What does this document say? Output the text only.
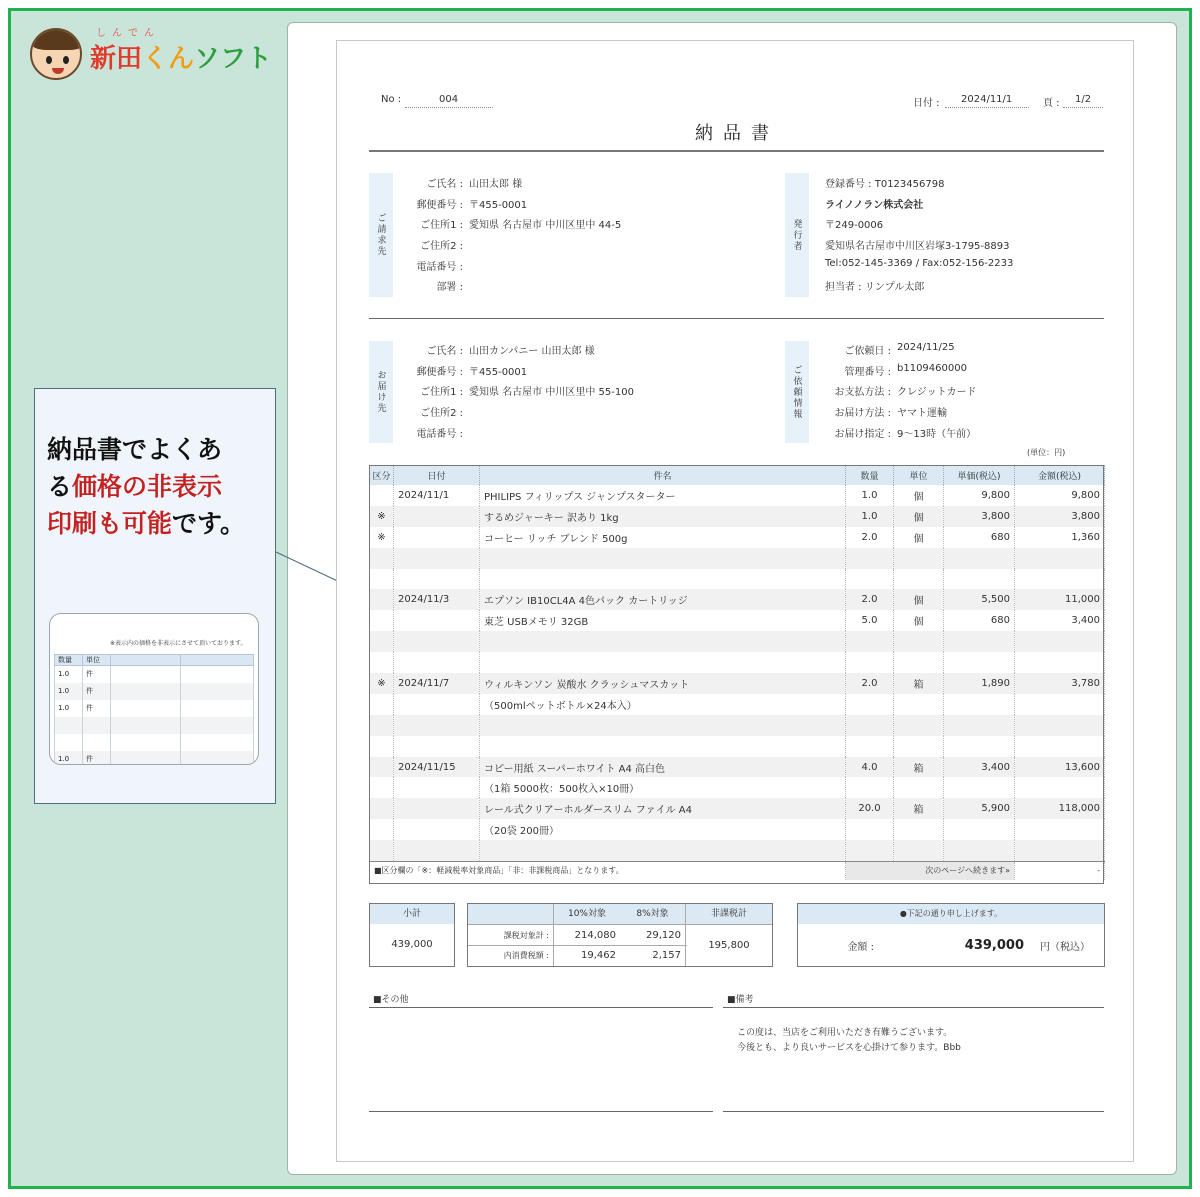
しんでん
新田くんソフト
納品書でよくあ
る価格の非表示
印刷も可能です。
※表示内の価格を非表示にさせて頂いております。
数量	単位		
1.0	件		
1.0	件		
1.0	件		

1.0	件		
No :	004	日付 :	2024/11/1	頁 :	1/2
納品書
ご請求先
ご氏名 : 山田太郎 様
郵便番号 : 〒455-0001
ご住所1 : 愛知県 名古屋市 中川区里中 44-5
ご住所2 :
電話番号 :
部署 :
発行者
登録番号 : T0123456798
ライノノラン株式会社
〒249-0006
愛知県名古屋市中川区岩塚3-1795-8893
Tel:052-145-3369 / Fax:052-156-2233
担当者 : リンプル太郎
お届け先
ご氏名 : 山田カンパニー 山田太郎 様
郵便番号 : 〒455-0001
ご住所1 : 愛知県 名古屋市 中川区里中 55-100
ご住所2 :
電話番号 :
ご依頼情報
ご依頼日 : 2024/11/25
管理番号 : b1109460000
お支払方法 : クレジットカード
お届け方法 : ヤマト運輸
お届け指定 : 9～13時（午前）
(単位：円)
区分	日付	件名	数量	単位	単価(税込)	金額(税込)
	2024/11/1	PHILIPS フィリップス ジャンプスターター	1.0	個	9,800	9,800
※		するめジャーキー 訳あり 1kg	1.0	個	3,800	3,800
※		コーヒー リッチ ブレンド 500g	2.0	個	680	1,360

	2024/11/3	エプソン IB10CL4A 4色パック カートリッジ	2.0	個	5,500	11,000
		東芝 USBメモリ 32GB	5.0	個	680	3,400

※	2024/11/7	ウィルキンソン 炭酸水 クラッシュマスカット	2.0	箱	1,890	3,780
		（500mlペットボトル×24本入）				

	2024/11/15	コピー用紙 スーパーホワイト A4 高白色	4.0	箱	3,400	13,600
		（1箱 5000枚：500枚入×10冊）				
		レール式クリアーホルダースリム ファイル A4	20.0	箱	5,900	118,000
		（20袋 200冊）				

■区分欄の「※：軽減税率対象商品」「非：非課税商品」となります。			次のページへ続きます»			-
小計
439,000
10%対象	8%対象	非課税計
課税対象計 :	214,080	29,120
195,800
内消費税額 :	19,462	2,157
●下記の通り申し上げます。
金額 :	439,000	円（税込）
■その他	■備考
この度は、当店をご利用いただき有難うございます。
今後とも、より良いサービスを心掛けて参ります。Bbb
